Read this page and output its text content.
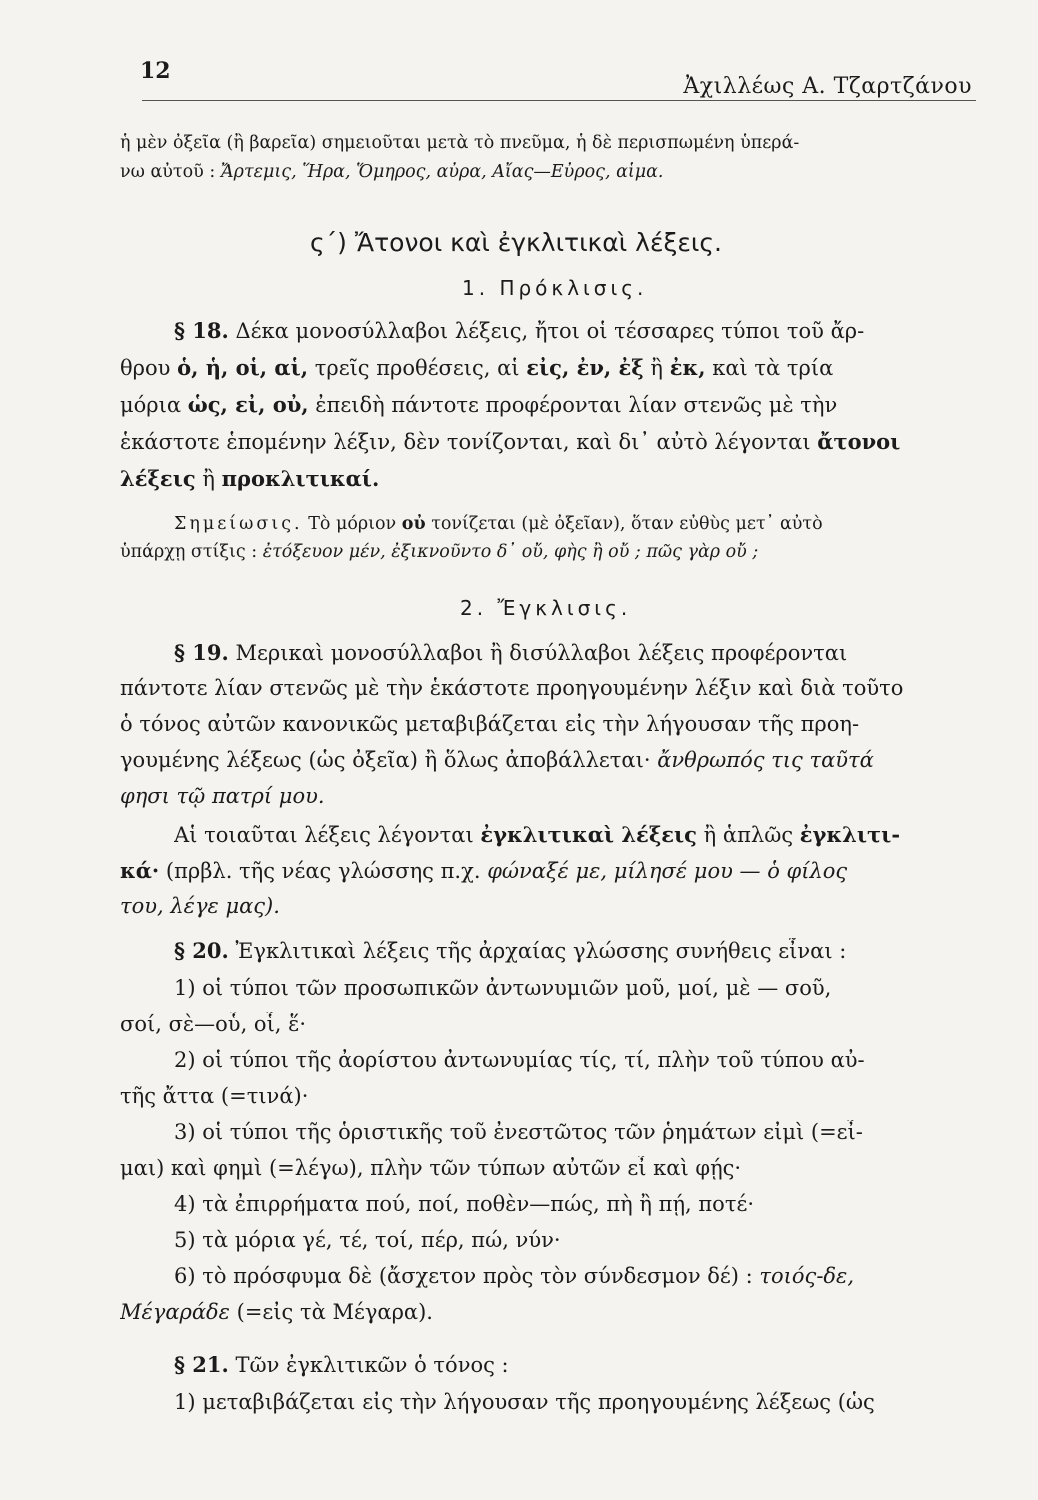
12
Ἀχιλλέως Α. Τζαρτζάνου
ἡ μὲν ὀξεῖα (ἢ βαρεῖα) σημειοῦται μετὰ τὸ πνεῦμα, ἡ δὲ περισπωμένη ὑπερά-
νω αὐτοῦ : Ἄρτεμις, Ἥρα, Ὅμηρος, αὖρα, Αἴας—Εὖρος, αἷμα.
ς΄) Ἄτονοι καὶ ἐγκλιτικαὶ λέξεις.
1. Πρόκλισις.
§ 18. Δέκα μονοσύλλαβοι λέξεις, ἤτοι οἱ τέσσαρες τύποι τοῦ ἄρ-
θρου ὁ, ἡ, οἱ, αἱ, τρεῖς προθέσεις, αἱ εἰς, ἐν, ἐξ ἢ ἐκ, καὶ τὰ τρία
μόρια ὡς, εἰ, οὐ, ἐπειδὴ πάντοτε προφέρονται λίαν στενῶς μὲ τὴν
ἑκάστοτε ἑπομένην λέξιν, δὲν τονίζονται, καὶ δι᾽ αὐτὸ λέγονται ἄτονοι
λέξεις ἢ προκλιτικαί.
Σημείωσις. Τὸ μόριον οὐ τονίζεται (μὲ ὀξεῖαν), ὅταν εὐθὺς μετ᾽ αὐτὸ
ὑπάρχῃ στίξις : ἐτόξευον μέν, ἐξικνοῦντο δ᾽ οὔ, φὴς ἢ οὔ ; πῶς γὰρ οὔ ;
2. Ἔγκλισις.
§ 19. Μερικαὶ μονοσύλλαβοι ἢ δισύλλαβοι λέξεις προφέρονται
πάντοτε λίαν στενῶς μὲ τὴν ἑκάστοτε προηγουμένην λέξιν καὶ διὰ τοῦτο
ὁ τόνος αὐτῶν κανονικῶς μεταβιβάζεται εἰς τὴν λήγουσαν τῆς προη-
γουμένης λέξεως (ὡς ὀξεῖα) ἢ ὅλως ἀποβάλλεται· ἄνθρωπός τις ταῦτά
φησι τῷ πατρί μου.
Αἱ τοιαῦται λέξεις λέγονται ἐγκλιτικαὶ λέξεις ἢ ἁπλῶς ἐγκλιτι-
κά· (πρβλ. τῆς νέας γλώσσης π.χ. φώναξέ με, μίλησέ μου — ὁ φίλος
του, λέγε μας).
§ 20. Ἐγκλιτικαὶ λέξεις τῆς ἀρχαίας γλώσσης συνήθεις εἶναι :
1) οἱ τύποι τῶν προσωπικῶν ἀντωνυμιῶν μοῦ, μοί, μὲ — σοῦ,
σοί, σὲ—οὗ, οἷ, ἕ·
2) οἱ τύποι τῆς ἀορίστου ἀντωνυμίας τίς, τί, πλὴν τοῦ τύπου αὐ-
τῆς ἄττα (=τινά)·
3) οἱ τύποι τῆς ὁριστικῆς τοῦ ἐνεστῶτος τῶν ῥημάτων εἰμὶ (=εἶ-
μαι) καὶ φημὶ (=λέγω), πλὴν τῶν τύπων αὐτῶν εἶ καὶ φῄς·
4) τὰ ἐπιρρήματα πού, ποί, ποθὲν—πώς, πὴ ἢ πῄ, ποτέ·
5) τὰ μόρια γέ, τέ, τοί, πέρ, πώ, νύν·
6) τὸ πρόσφυμα δὲ (ἄσχετον πρὸς τὸν σύνδεσμον δέ) : τοιός-δε,
Μέγαράδε (=εἰς τὰ Μέγαρα).
§ 21. Τῶν ἐγκλιτικῶν ὁ τόνος :
1) μεταβιβάζεται εἰς τὴν λήγουσαν τῆς προηγουμένης λέξεως (ὡς
